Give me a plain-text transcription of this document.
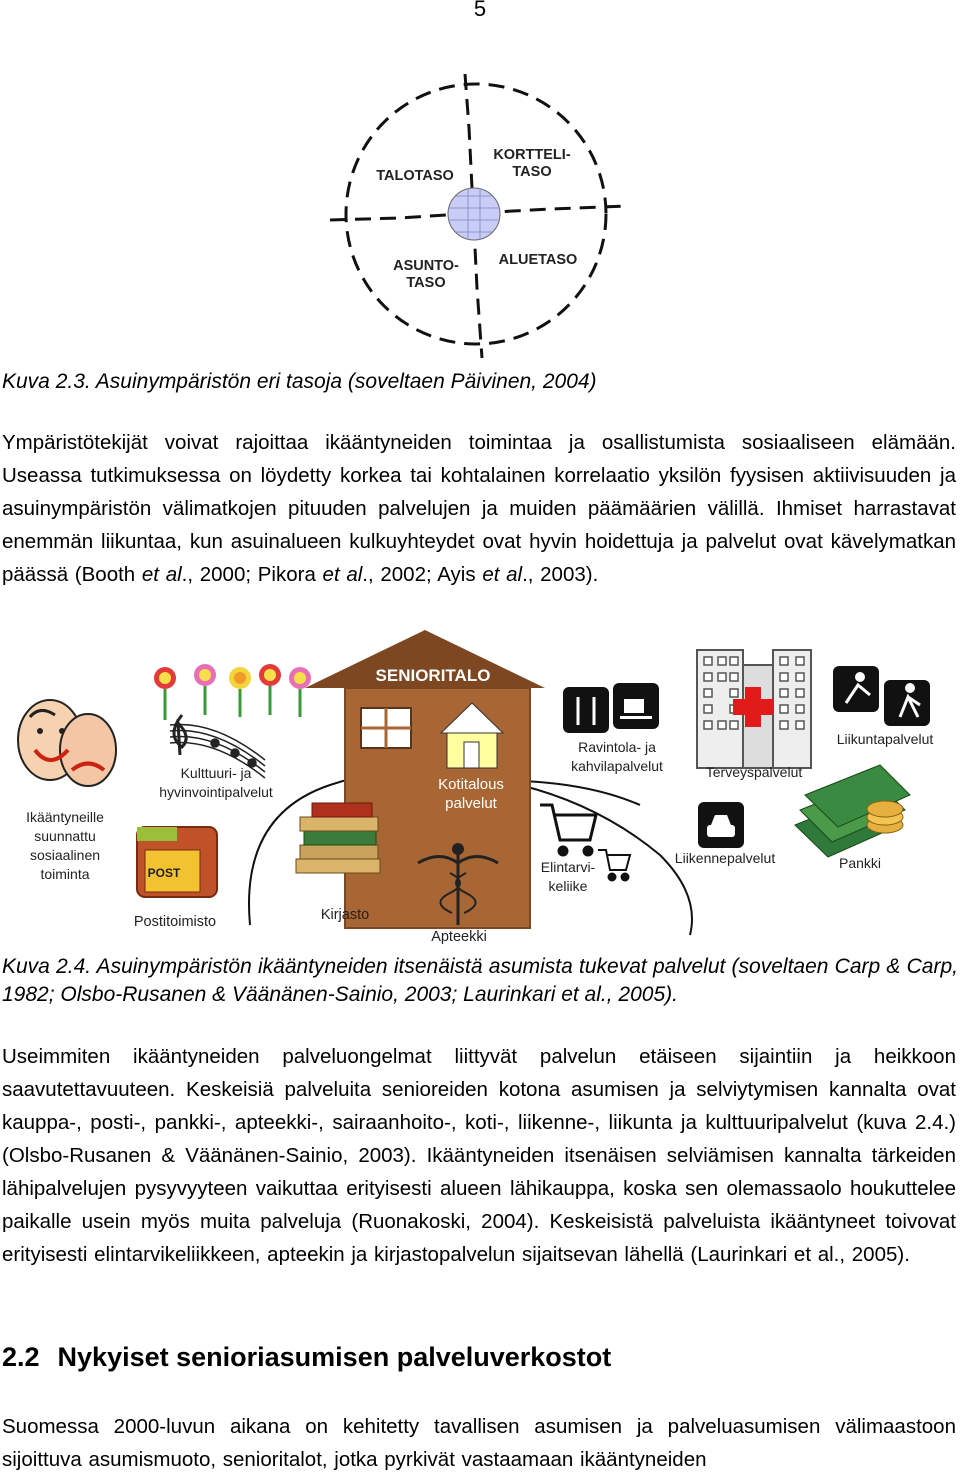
5
TALOTASO
KORTTELI-
TASO
ASUNTO-
TASO
ALUETASO
Kuva 2.3. Asuinympäristön eri tasoja (soveltaen Päivinen, 2004)

Ympäristötekijät voivat rajoittaa ikääntyneiden toimintaa ja osallistumista sosiaaliseen elämään. Useassa tutkimuksessa on löydetty korkea tai kohtalainen korrelaatio yksilön fyysisen aktiivisuuden ja asuinympäristön välimatkojen pituuden palvelujen ja muiden päämäärien välillä. Ihmiset harrastavat enemmän liikuntaa, kun asuinalueen kulkuyhteydet ovat hyvin hoidettuja ja palvelut ovat kävelymatkan päässä (Booth et al., 2000; Pikora et al., 2002; Ayis et al., 2003).

SENIORITALO
Kotitalous
palvelut
Ikääntyneille
suunnattu
sosiaalinen
toiminta
Kulttuuri- ja
hyvinvointipalvelut
POST
Postitoimisto	Kirjasto
Apteekki
Ravintola- ja
kahvilapalvelut	Terveyspalvelut
Liikuntapalvelut
Elintarvi-
keliike
Liikennepalvelut	Pankki
Kuva 2.4. Asuinympäristön ikääntyneiden itsenäistä asumista tukevat palvelut (soveltaen Carp & Carp, 1982; Olsbo-Rusanen & Väänänen-Sainio, 2003; Laurinkari et al., 2005).

Useimmiten ikääntyneiden palveluongelmat liittyvät palvelun etäiseen sijaintiin ja heikkoon saavutettavuuteen. Keskeisiä palveluita senioreiden kotona asumisen ja selviytymisen kannalta ovat kauppa-, posti-, pankki-, apteekki-, sairaanhoito-, koti-, liikenne-, liikunta ja kulttuuripalvelut (kuva 2.4.) (Olsbo-Rusanen & Väänänen-Sainio, 2003). Ikääntyneiden itsenäisen selviämisen kannalta tärkeiden lähipalvelujen pysyvyyteen vaikuttaa erityisesti alueen lähikauppa, koska sen olemassaolo houkuttelee paikalle usein myös muita palveluja (Ruonakoski, 2004). Keskeisistä palveluista ikääntyneet toivovat erityisesti elintarvikeliikkeen, apteekin ja kirjastopalvelun sijaitsevan lähellä (Laurinkari et al., 2005).

2.2 Nykyiset senioriasumisen palveluverkostot

Suomessa 2000-luvun aikana on kehitetty tavallisen asumisen ja palveluasumisen välimaastoon sijoittuva asumismuoto, senioritalot, jotka pyrkivät vastaamaan ikääntyneiden
